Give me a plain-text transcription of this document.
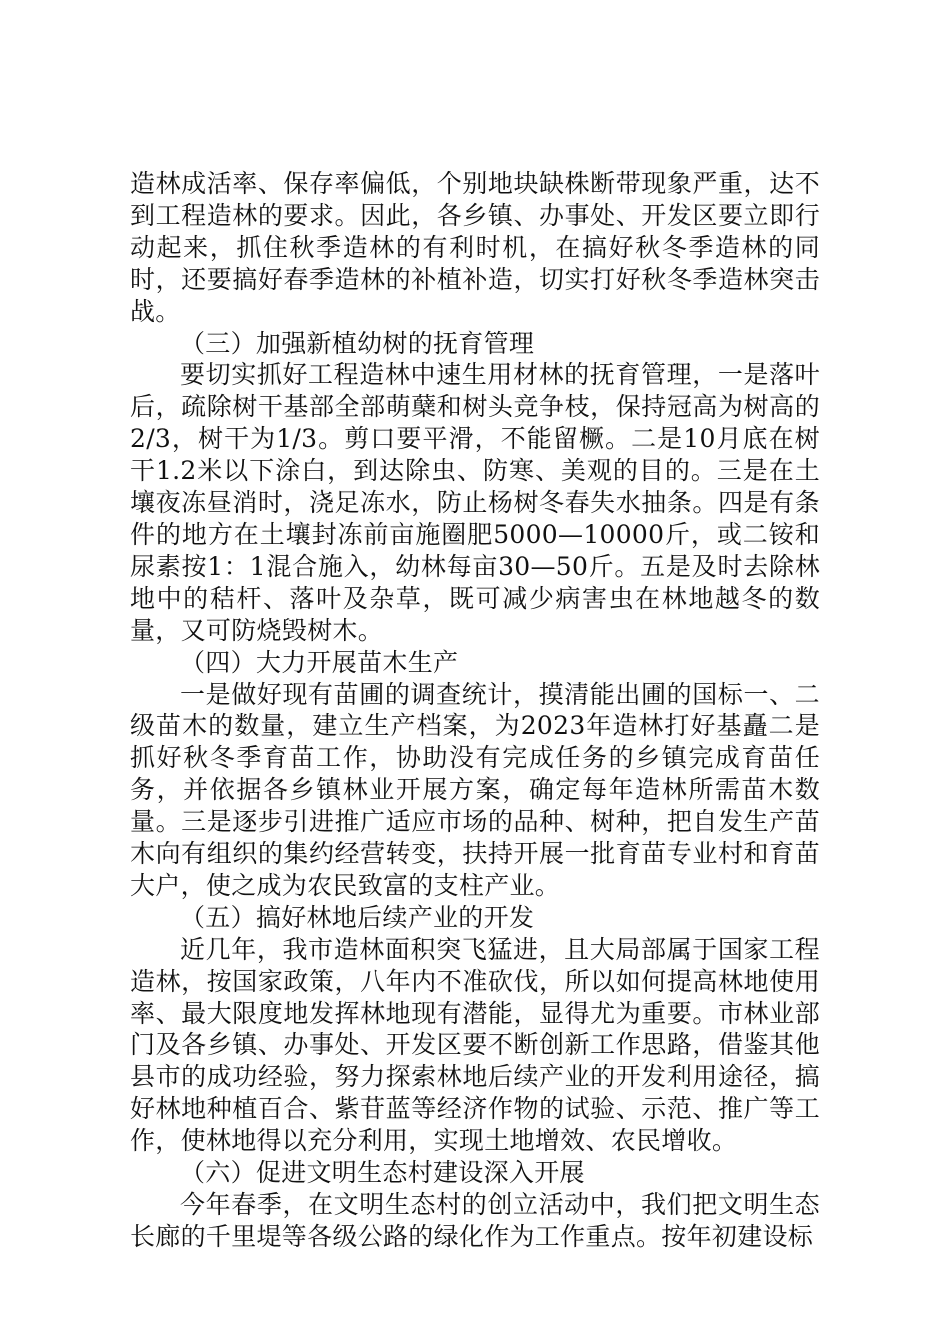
造林成活率、保存率偏低，个别地块缺株断带现象严重，达不到工程造林的要求。因此，各乡镇、办事处、开发区要立即行动起来，抓住秋季造林的有利时机，在搞好秋冬季造林的同时，还要搞好春季造林的补植补造，切实打好秋冬季造林突击战。

（三）加强新植幼树的抚育管理

要切实抓好工程造林中速生用材林的抚育管理，一是落叶后，疏除树干基部全部萌蘖和树头竞争枝，保持冠高为树高的2/3，树干为1/3。剪口要平滑，不能留橛。二是10月底在树干1.2米以下涂白，到达除虫、防寒、美观的目的。三是在土壤夜冻昼消时，浇足冻水，防止杨树冬春失水抽条。四是有条件的地方在土壤封冻前亩施圈肥5000—10000斤，或二铵和尿素按1：1混合施入，幼林每亩30—50斤。五是及时去除林地中的秸杆、落叶及杂草，既可减少病害虫在林地越冬的数量，又可防烧毁树木。

（四）大力开展苗木生产

一是做好现有苗圃的调查统计，摸清能出圃的国标一、二级苗木的数量，建立生产档案，为2023年造林打好基矗二是抓好秋冬季育苗工作，协助没有完成任务的乡镇完成育苗任务，并依据各乡镇林业开展方案，确定每年造林所需苗木数量。三是逐步引进推广适应市场的品种、树种，把自发生产苗木向有组织的集约经营转变，扶持开展一批育苗专业村和育苗大户，使之成为农民致富的支柱产业。

（五）搞好林地后续产业的开发

近几年，我市造林面积突飞猛进，且大局部属于国家工程造林，按国家政策，八年内不准砍伐，所以如何提高林地使用率、最大限度地发挥林地现有潜能，显得尤为重要。市林业部门及各乡镇、办事处、开发区要不断创新工作思路，借鉴其他县市的成功经验，努力探索林地后续产业的开发利用途径，搞好林地种植百合、紫苷蓝等经济作物的试验、示范、推广等工作，使林地得以充分利用，实现土地增效、农民增收。

（六）促进文明生态村建设深入开展

今年春季，在文明生态村的创立活动中，我们把文明生态长廊的千里堤等各级公路的绿化作为工作重点。按年初建设标
